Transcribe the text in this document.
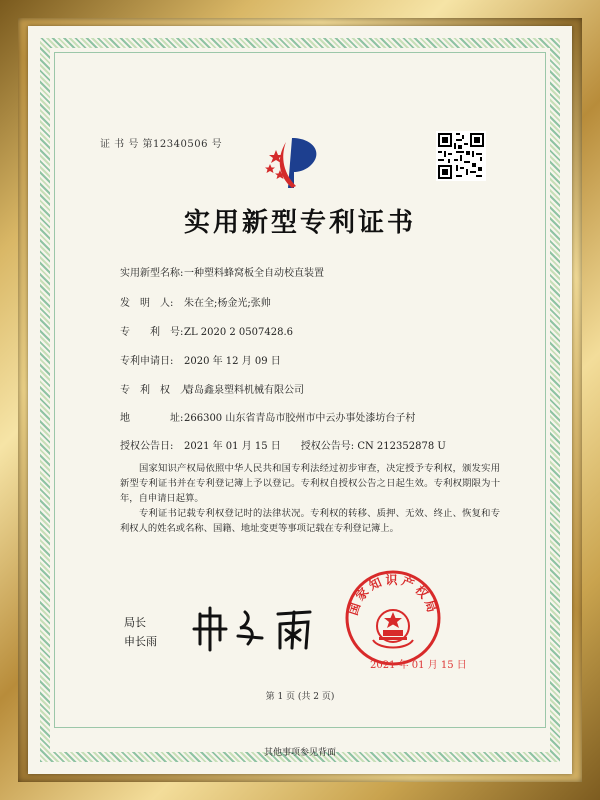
证 书 号 第12340506 号
实用新型专利证书
实用新型名称:一种塑料蜂窝板全自动校直装置
发　明　人: 朱在全;杨金光;张帅
专　　利　号:ZL 2020 2 0507428.6
专利申请日: 2020 年 12 月 09 日
专　利　权　人:青岛鑫泉塑料机械有限公司
地　　　　址:266300 山东省青岛市胶州市中云办事处漆坊台子村
授权公告日: 2021 年 01 月 15 日　　授权公告号: CN 212352878 U
国家知识产权局依照中华人民共和国专利法经过初步审查，决定授予专利权，颁发实用新型专利证书并在专利登记簿上予以登记。专利权自授权公告之日起生效。专利权期限为十年，自申请日起算。
专利证书记载专利权登记时的法律状况。专利权的转移、质押、无效、终止、恢复和专利权人的姓名或名称、国籍、地址变更等事项记载在专利登记簿上。
局长
申长雨
国家知识产权局
2021 年 01 月 15 日
第 1 页 (共 2 页)
其他事项参见背面
